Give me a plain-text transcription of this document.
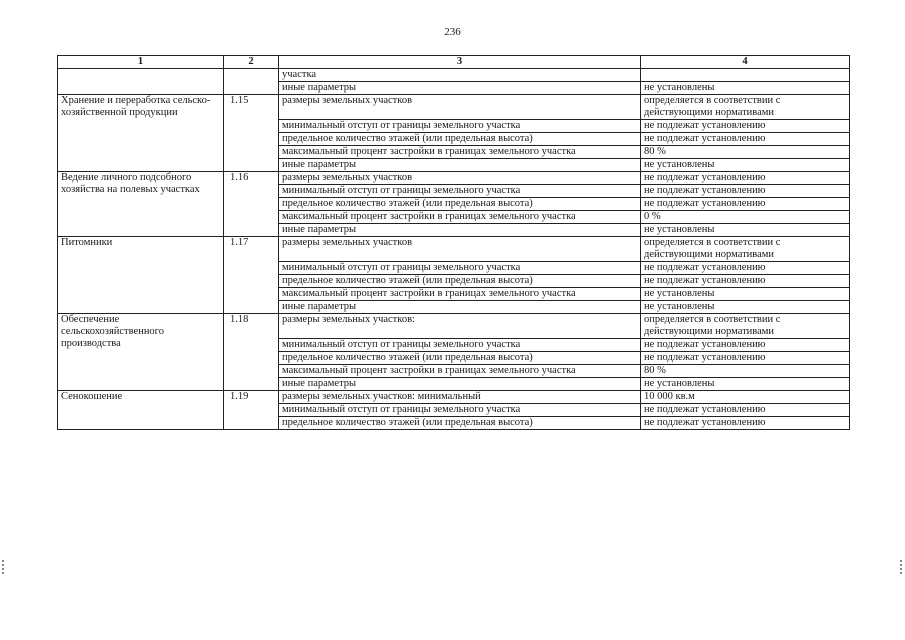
236
1	2	3	4
		участка	
		иные параметры	не установлены
Хранение и переработка сельско-хозяйственной продукции	1.15	размеры земельных участков	определяется в соответствии с действующими нормативами
		минимальный отступ от границы земельного участка	не подлежат установлению
		предельное количество этажей (или предельная высота)	не подлежат установлению
		максимальный процент застройки в границах земельного участка	80 %
		иные параметры	не установлены
Ведение личного подсобного хозяйства на полевых участках	1.16	размеры земельных участков	не подлежат установлению
		минимальный отступ от границы земельного участка	не подлежат установлению
		предельное количество этажей (или предельная высота)	не подлежат установлению
		максимальный процент застройки в границах земельного участка	0 %
		иные параметры	не установлены
Питомники	1.17	размеры земельных участков	определяется в соответствии с действующими нормативами
		минимальный отступ от границы земельного участка	не подлежат установлению
		предельное количество этажей (или предельная высота)	не подлежат установлению
		максимальный процент застройки в границах земельного участка	не установлены
		иные параметры	не установлены
Обеспечение сельскохозяйственного производства	1.18	размеры земельных участков:	определяется в соответствии с действующими нормативами
		минимальный отступ от границы земельного участка	не подлежат установлению
		предельное количество этажей (или предельная высота)	не подлежат установлению
		максимальный процент застройки в границах земельного участка	80 %
		иные параметры	не установлены
Сенокошение	1.19	размеры земельных участков: минимальный	10 000 кв.м
		минимальный отступ от границы земельного участка	не подлежат установлению
		предельное количество этажей (или предельная высота)	не подлежат установлению
